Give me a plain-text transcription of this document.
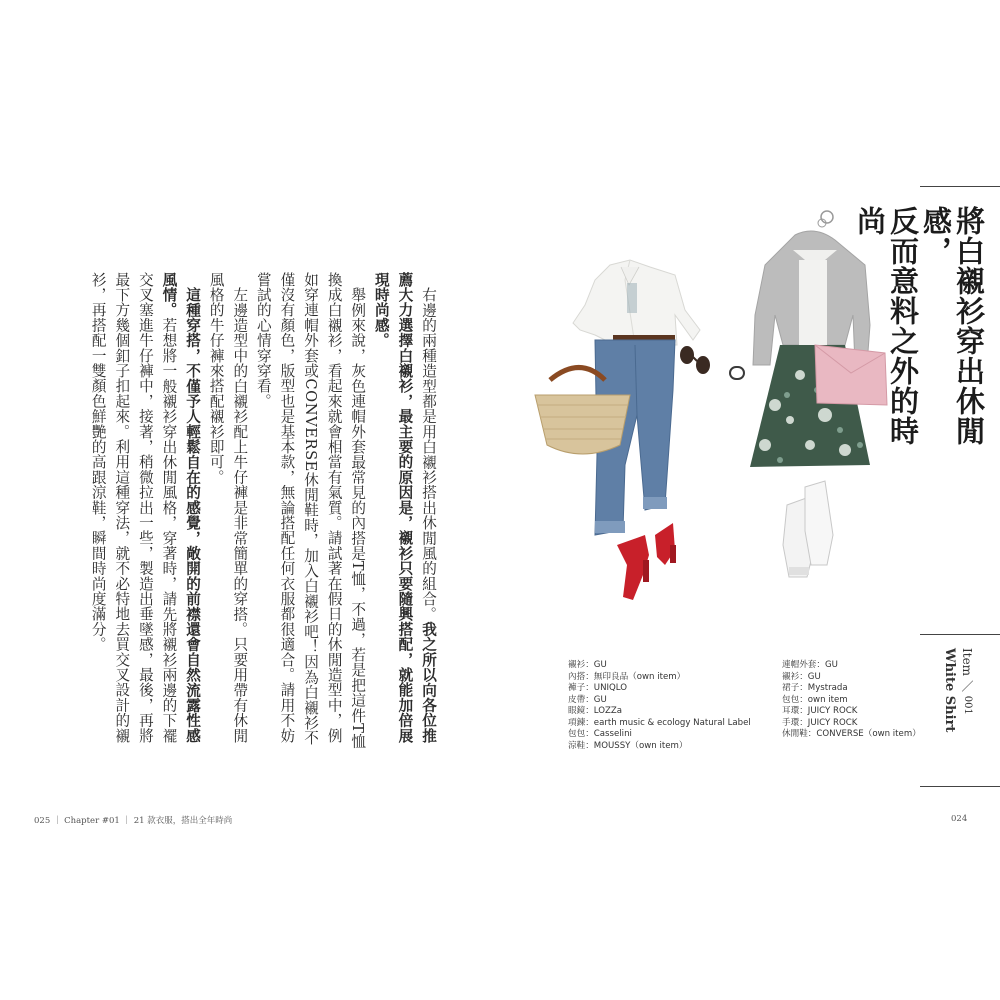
將白襯衫穿出休閒感，
反而意料之外的時尚
Item ／ 001
White Shirt
襯衫：GU
內搭：無印良品（own item）
褲子：UNIQLO
皮帶：GU
眼鏡：LOZZa
項鍊：earth music & ecology Natural Label
包包：Casselini
涼鞋：MOUSSY（own item）
連帽外套：GU
襯衫：GU
裙子：Mystrada
包包：own item
耳環：JUICY ROCK
手環：JUICY ROCK
休閒鞋：CONVERSE（own item）

　右邊的兩種造型都是用白襯衫搭出休閒風的組合。我之所以向各位推薦大力選擇白襯衫，最主要的原因是，襯衫只要隨興搭配，就能加倍展現時尚感。

　舉例來說，灰色連帽外套最常見的內搭是T恤，不過，若是把這件T恤換成白襯衫，看起來就會相當有氣質。請試著在假日的休閒造型中，例如穿連帽外套或CONVERSE休閒鞋時，加入白襯衫吧！因為白襯衫不僅沒有顏色，版型也是基本款，無論搭配任何衣服都很適合。請用不妨嘗試的心情穿穿看。

　左邊造型中的白襯衫配上牛仔褲是非常簡單的穿搭。只要用帶有休閒風格的牛仔褲來搭配襯衫即可。

　這種穿搭，不僅予人輕鬆自在的感覺，敞開的前襟還會自然流露性感風情。若想將一般襯衫穿出休閒風格，穿著時，請先將襯衫兩邊的下襬交叉塞進牛仔褲中，接著，稍微拉出一些，製造出垂墜感，最後，再將最下方幾個釦子扣起來。利用這種穿法，就不必特地去買交叉設計的襯衫，再搭配一雙顏色鮮艷的高跟涼鞋，瞬間時尚度滿分。

025 ｜ Chapter #01 ｜ 21 款衣服，搭出全年時尚	024
